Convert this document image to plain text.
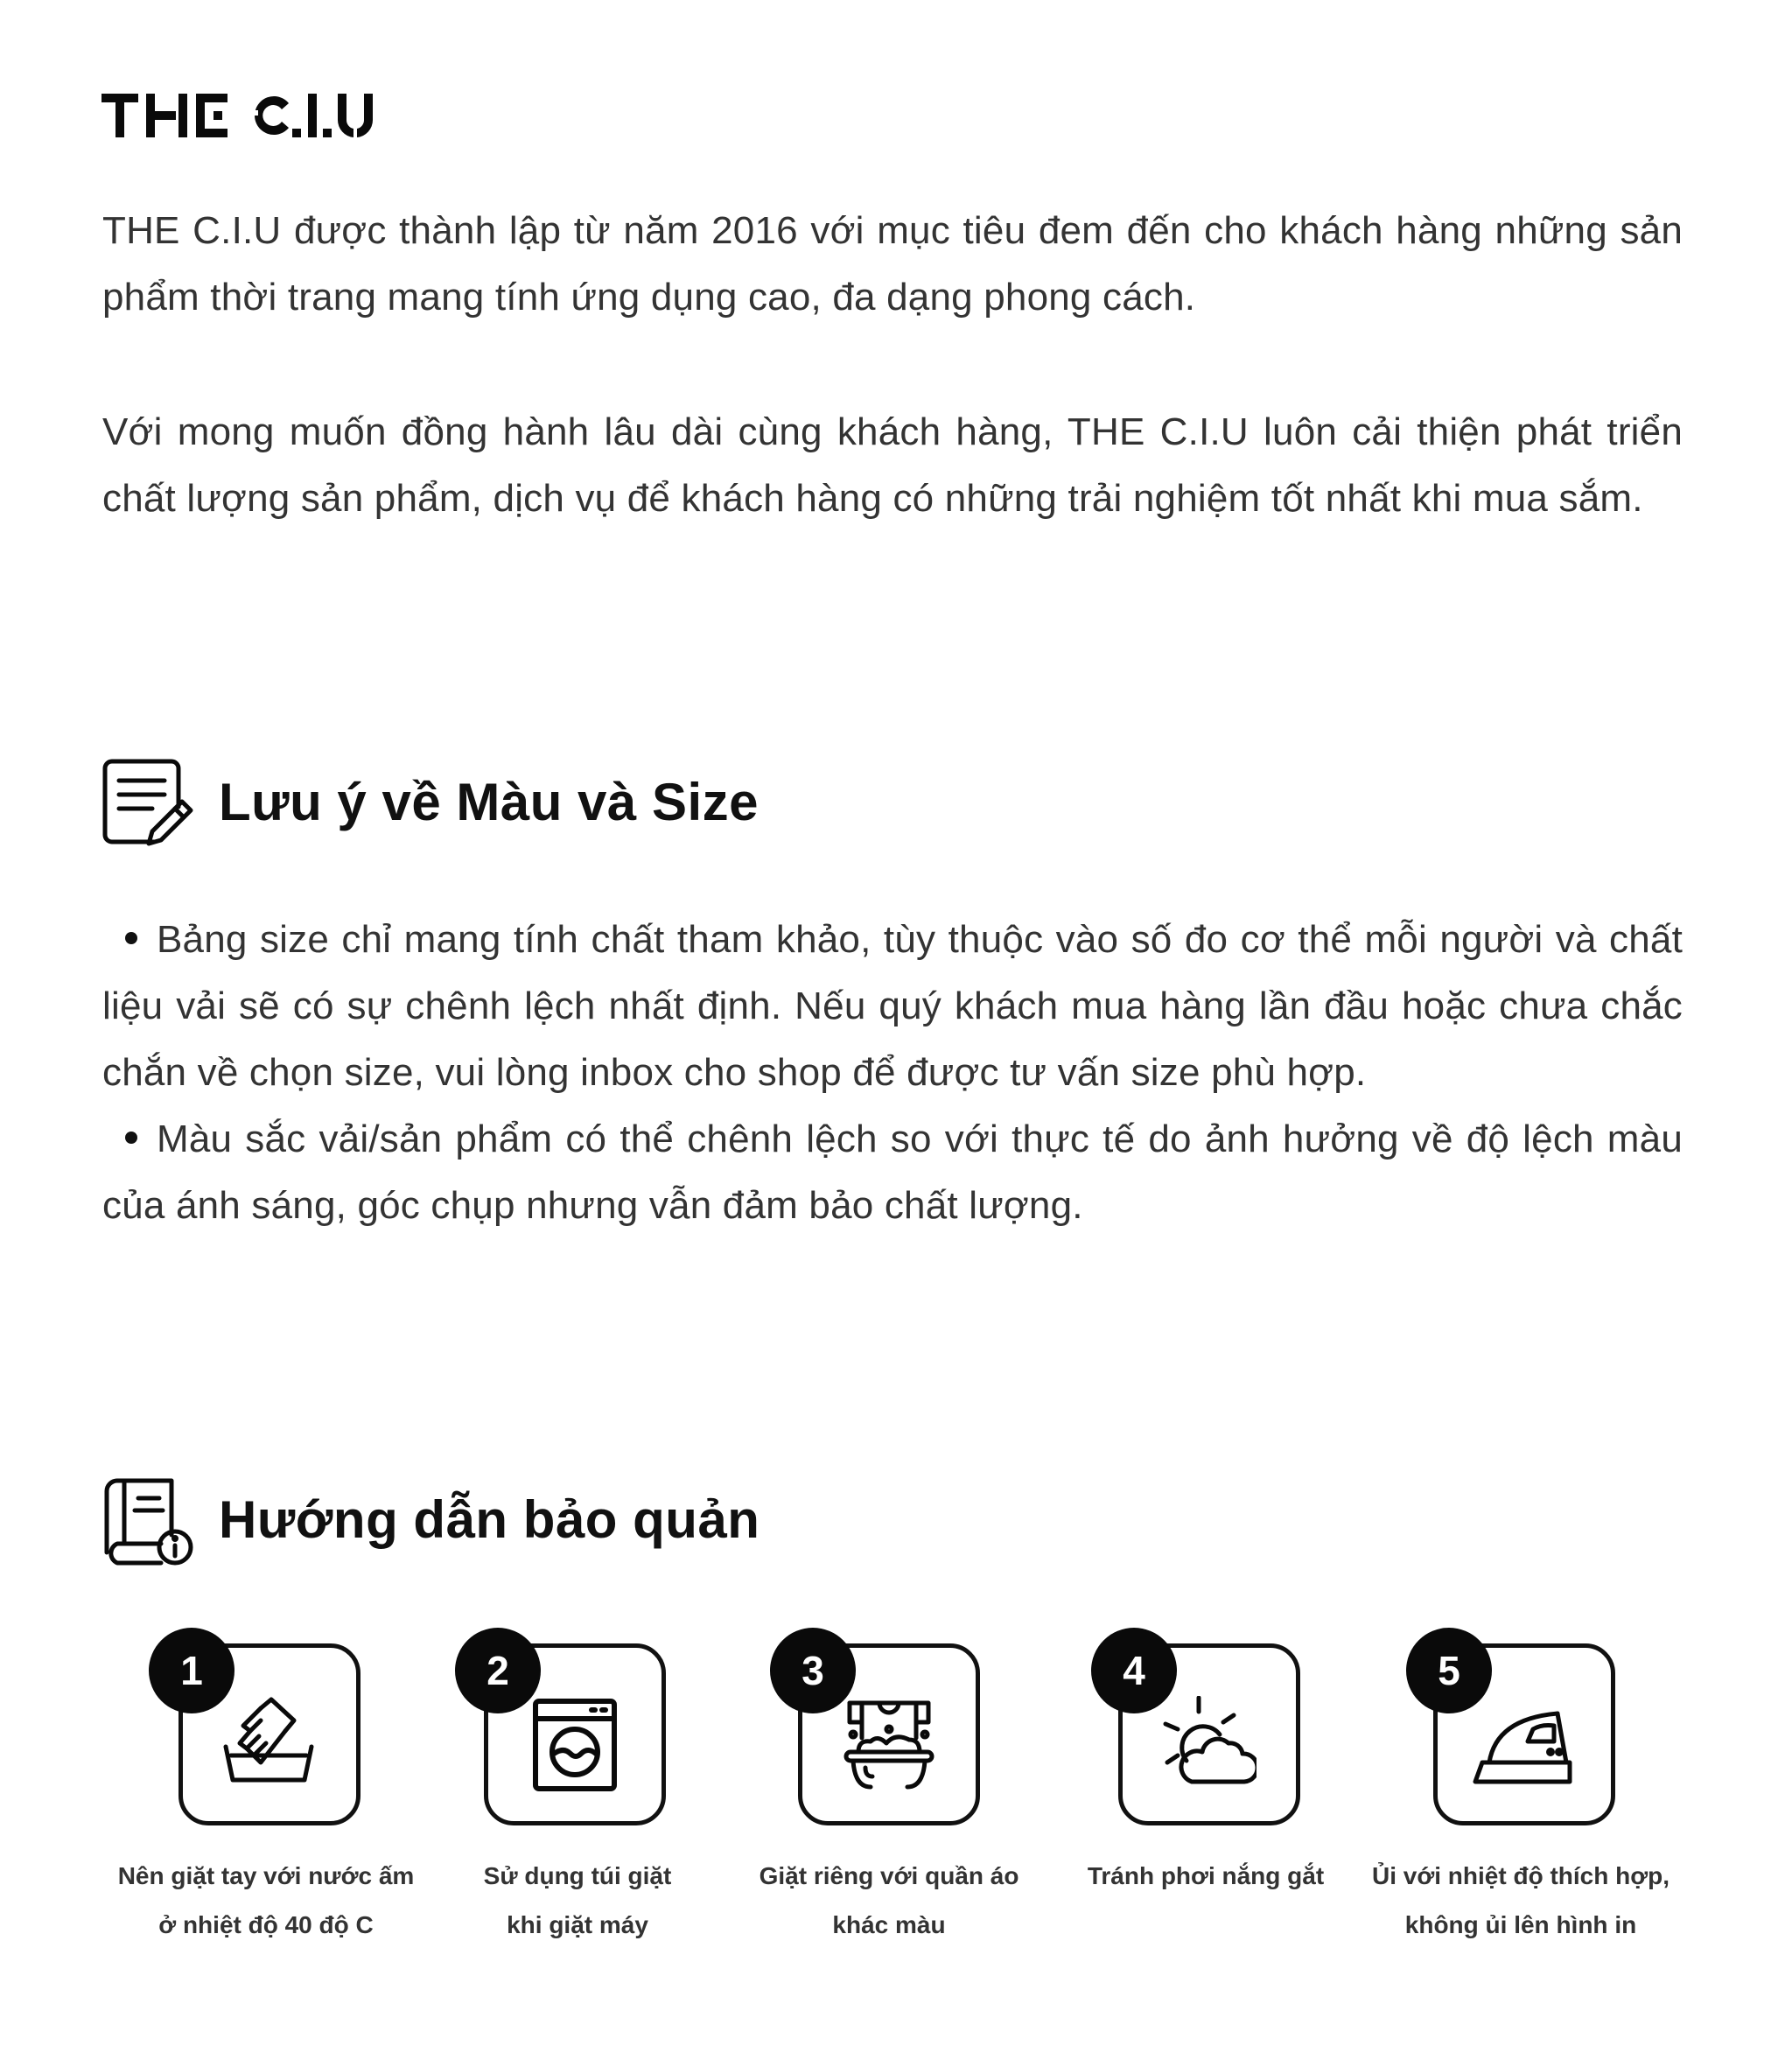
THE C.I.U được thành lập từ năm 2016 với mục tiêu đem đến cho khách hàng những sản phẩm thời trang mang tính ứng dụng cao, đa dạng phong cách.

Với mong muốn đồng hành lâu dài cùng khách hàng, THE C.I.U luôn cải thiện phát triển chất lượng sản phẩm, dịch vụ để khách hàng có những trải nghiệm tốt nhất khi mua sắm.

Lưu ý về Màu và Size
Bảng size chỉ mang tính chất tham khảo, tùy thuộc vào số đo cơ thể mỗi người và chất liệu vải sẽ có sự chênh lệch nhất định. Nếu quý khách mua hàng lần đầu hoặc chưa chắc chắn về chọn size, vui lòng inbox cho shop để được tư vấn size phù hợp.
Màu sắc vải/sản phẩm có thể chênh lệch so với thực tế do ảnh hưởng về độ lệch màu của ánh sáng, góc chụp nhưng vẫn đảm bảo chất lượng.
Hướng dẫn bảo quản
1
Nên giặt tay với nước ấm
ở nhiệt độ 40 độ C
2
Sử dụng túi giặt
khi giặt máy
3
Giặt riêng với quần áo
khác màu
4
Tránh phơi nắng gắt
5
Ủi với nhiệt độ thích hợp,
không ủi lên hình in
